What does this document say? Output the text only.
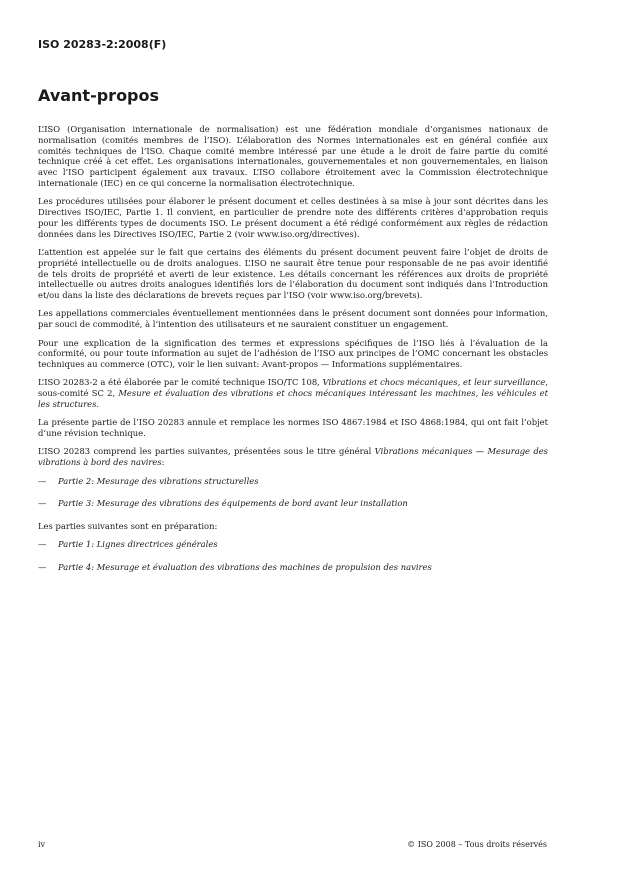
ISO 20283-2:2008(F)
Avant-propos

L’ISO (Organisation internationale de normalisation) est une fédération mondiale d’organismes nationaux de normalisation (comités membres de l’ISO). L’élaboration des Normes internationales est en général confiée aux comités techniques de l’ISO. Chaque comité membre intéressé par une étude a le droit de faire partie du comité technique créé à cet effet. Les organisations internationales, gouvernementales et non gouvernementales, en liaison avec l’ISO participent également aux travaux. L’ISO collabore étroitement avec la Commission électrotechnique internationale (IEC) en ce qui concerne la normalisation électrotechnique.

Les procédures utilisées pour élaborer le présent document et celles destinées à sa mise à jour sont décrites dans les Directives ISO/IEC, Partie 1. Il convient, en particulier de prendre note des différents critères d’approbation requis pour les différents types de documents ISO. Le présent document a été rédigé conformément aux règles de rédaction données dans les Directives ISO/IEC, Partie 2 (voir www.iso.org/directives).

L’attention est appelée sur le fait que certains des éléments du présent document peuvent faire l’objet de droits de propriété intellectuelle ou de droits analogues. L’ISO ne saurait être tenue pour responsable de ne pas avoir identifié de tels droits de propriété et averti de leur existence. Les détails concernant les références aux droits de propriété intellectuelle ou autres droits analogues identifiés lors de l’élaboration du document sont indiqués dans l’Introduction et/ou dans la liste des déclarations de brevets reçues par l’ISO (voir www.iso.org/brevets).

Les appellations commerciales éventuellement mentionnées dans le présent document sont données pour information, par souci de commodité, à l’intention des utilisateurs et ne sauraient constituer un engagement.

Pour une explication de la signification des termes et expressions spécifiques de l’ISO liés à l’évaluation de la conformité, ou pour toute information au sujet de l’adhésion de l’ISO aux principes de l’OMC concernant les obstacles techniques au commerce (OTC), voir le lien suivant: Avant-propos — Informations supplémentaires.

L’ISO 20283-2 a été élaborée par le comité technique ISO/TC 108, Vibrations et chocs mécaniques, et leur surveillance, sous-comité SC 2, Mesure et évaluation des vibrations et chocs mécaniques intéressant les machines, les véhicules et les structures.

La présente partie de l’ISO 20283 annule et remplace les normes ISO 4867:1984 et ISO 4868:1984, qui ont fait l’objet d’une révision technique.

L’ISO 20283 comprend les parties suivantes, présentées sous le titre général Vibrations mécaniques — Mesurage des vibrations à bord des navires:

— Partie 2: Mesurage des vibrations structurelles

— Partie 3: Mesurage des vibrations des équipements de bord avant leur installation

Les parties suivantes sont en préparation:

— Partie 1: Lignes directrices générales

— Partie 4: Mesurage et évaluation des vibrations des machines de propulsion des navires

iv	© ISO 2008 – Tous droits réservés
